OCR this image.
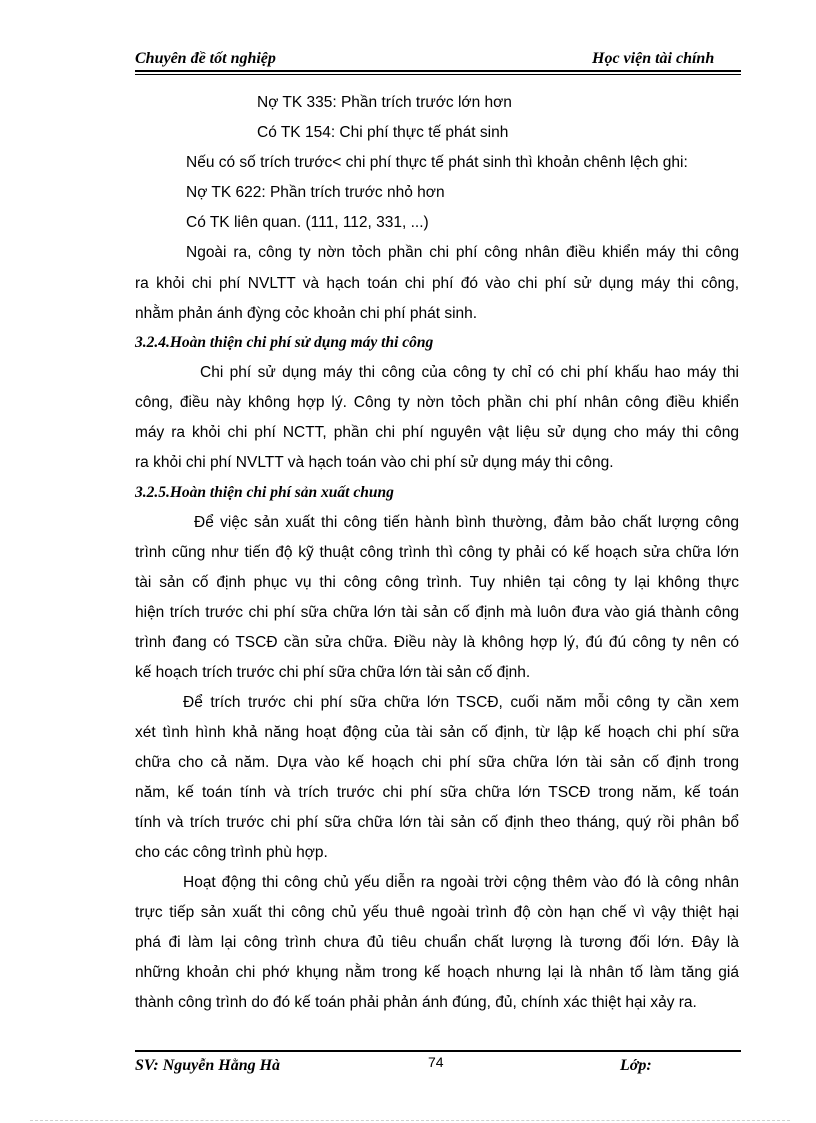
Chuyên đề tốt nghiệp	Học viện tài chính
Nợ TK 335: Phần trích trước lớn hơn
Có TK 154: Chi phí thực tế phát sinh
Nếu có số trích trước< chi phí thực tế phát sinh thì khoản chênh lệch ghi:
Nợ TK 622: Phần trích trước nhỏ hơn
Có TK liên quan. (111, 112, 331, ...)
Ngoài ra, công ty nờn tỏch phần chi phí công nhân điều khiển máy thi công
ra khỏi chi phí NVLTT và hạch toán chi phí đó vào chi phí sử dụng máy thi công,
nhằm phản ánh đỳng cỏc khoản chi phí phát sinh.
3.2.4.Hoàn thiện chi phí sử dụng máy thi công
Chi phí sử dụng máy thi công của công ty chỉ có chi phí khấu hao máy thi
công, điều này không hợp lý. Công ty nờn tỏch phần chi phí nhân công điều khiển
máy ra khỏi chi phí NCTT, phần chi phí nguyên vật liệu sử dụng cho máy thi công
ra khỏi chi phí NVLTT và hạch toán vào chi phí sử dụng máy thi công.
3.2.5.Hoàn thiện chi phí sản xuất chung
Để việc sản xuất thi công tiến hành bình thường, đảm bảo chất lượng công
trình cũng như tiến độ kỹ thuật công trình thì công ty phải có kế hoạch sửa chữa lớn
tài sản cố định phục vụ thi công công trình. Tuy nhiên tại công ty lại không thực
hiện trích trước chi phí sữa chữa lớn tài sản cố định mà luôn đưa vào giá thành công
trình đang có TSCĐ cần sửa chữa. Điều này là không hợp lý, đú đú công ty nên có
kế hoạch trích trước chi phí sữa chữa lớn tài sản cố định.
Để trích trước chi phí sữa chữa lớn TSCĐ, cuối năm mỗi công ty cần xem
xét tình hình khả năng hoạt động của tài sản cố định, từ lập kế hoạch chi phí sữa
chữa cho cả năm. Dựa vào kế hoạch chi phí sữa chữa lớn tài sản cố định trong
năm, kế toán tính và trích trước chi phí sữa chữa lớn TSCĐ trong năm, kế toán
tính và trích trước chi phí sữa chữa lớn tài sản cố định theo tháng, quý rồi phân bổ
cho các công trình phù hợp.
Hoạt động thi công chủ yếu diễn ra ngoài trời cộng thêm vào đó là công nhân
trực tiếp sản xuất thi công chủ yếu thuê ngoài trình độ còn hạn chế vì vậy thiệt hại
phá đi làm lại công trình chưa đủ tiêu chuẩn chất lượng là tương đối lớn. Đây là
những khoản chi phớ khụng nằm trong kế hoạch nhưng lại là nhân tố làm tăng giá
thành công trình do đó kế toán phải phản ánh đúng, đủ, chính xác thiệt hại xảy ra.
SV: Nguyễn Hằng Hà	74	Lớp:
